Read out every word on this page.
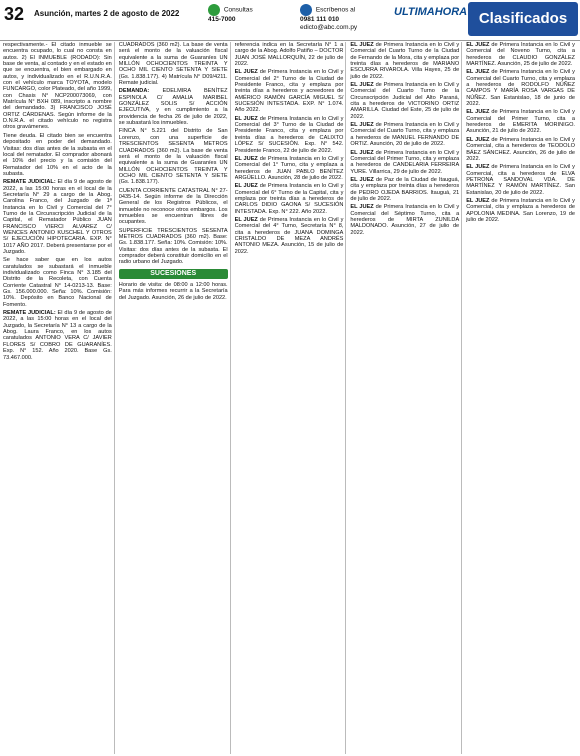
32 Asunción, martes 2 de agosto de 2022	Consultas
415-7000
Escríbenos al
0981 111 010
edicto@abc.com.py
ULTIMAHORA Clasificados

respectivamente.- El citado inmueble se encuentra ocupado, lo cual no consta en autos. 2) El INMUEBLE (RODADO): Sin base de venta, al contado y en el estado en que se encuentra, el bien embargado en autos, y individualizado en el R.U.N.R.A. con el vehículo marca TOYOTA, modelo FUNCARGO, color Plateado, del año 1999, con Chasis N° NCP200073069, con Matrícula N° BXH 089, inscripto a nombre del demandado. 3) FRANCISCO JOSÉ ORTIZ CÁRDENAS. Según informe de la D.N.R.A. el citado vehículo no registra otros gravámenes.

Tiene deuda. El citado bien se encuentra depositado en poder del demandado. Visitas: dos días antes de la subasta en el local del rematador. El comprador abonará el 10% del precio y la comisión del Rematador del 10% en el acto de la subasta.

REMATE JUDICIAL: El día 9 de agosto de 2022, a las 15:00 horas en el local de la Secretaría N° 29 a cargo de la Abog. Carolina Franco, del Juzgado de 1ª Instancia en lo Civil y Comercial del 7° Turno de la Circunscripción Judicial de la Capital, el Rematador Público JUAN FRANCISCO VIERCI ALVAREZ C/ WENCES ANTONIO KUSCHEL Y OTROS S/ EJECUCIÓN HIPOTECARIA. EXP. N° 1017 AÑO 2017. Deberá presentarse por el Juzgado.

Se hace saber que en los autos caratulados se subastará el inmueble individualizado como Finca N° 3.185 del Distrito de la Recoleta, con Cuenta Corriente Catastral N° 14-0213-13. Base: Gs. 156.000.000. Seña: 10%. Comisión: 10%. Depósito en Banco Nacional de Fomento.

REMATE JUDICIAL: El día 9 de agosto de 2022, a las 15:00 horas en el local del Juzgado, la Secretaría N° 13 a cargo de la Abog. Laura Franco, en los autos caratulados ANTONIO VERA C/ JAVIER FLORES S/ COBRO DE GUARANÍES. Exp. N° 152. Año 2020. Base Gs. 73.467.000.

CUADRADOS (360 m2). La base de venta será el monto de la valuación fiscal equivalente a la suma de Guaraníes UN MILLÓN OCHOCIENTOS TREINTA Y OCHO MIL CIENTO SETENTA Y SIETE (Gs. 1.838.177). 4) Matrícula N° D09/4211. Remate judicial.

DEMANDA: EDELMIRA BENÍTEZ ESPINOLA C/ AMALIA MARIBEL GONZÁLEZ SOLIS S/ ACCIÓN EJECUTIVA, y en cumplimiento a la providencia de fecha 26 de julio de 2022, se subastará los inmuebles.

FINCA N° 5.221 del Distrito de San Lorenzo, con una superficie de TRESCIENTOS SESENTA METROS CUADRADOS (360 m2). La base de venta será el monto de la valuación fiscal equivalente a la suma de Guaraníes UN MILLÓN OCHOCIENTOS TREINTA Y OCHO MIL CIENTO SETENTA Y SIETE (Gs. 1.838.177).

CUENTA CORRIENTE CATASTRAL N° 27-0435-14. Según informe de la Dirección General de los Registros Públicos, el inmueble no reconoce otros embargos. Los inmuebles se encuentran libres de ocupantes.

SUPERFICIE TRESCIENTOS SESENTA METROS CUADRADOS (360 m2). Base: Gs. 1.838.177. Seña: 10%. Comisión: 10%. Visitas: dos días antes de la subasta. El comprador deberá constituir domicilio en el radio urbano del Juzgado.

SUCESIONES

Horario de visita: de 08:00 a 12:00 horas. Para más informes recurrir a la Secretaría del Juzgado. Asunción, 26 de julio de 2022.

referencia indica en la Secretaría N° 1 a cargo de la Abog. Adolfo Patiño – DOCTOR JUAN JOSÉ MALLORQUÍN, 22 de julio de 2022.

EL JUEZ de Primera Instancia en lo Civil y Comercial del 2° Turno de la Ciudad de Presidente Franco, cita y emplaza por treinta días a herederos y acreedores de AMÉRICO RAMÓN GARCÍA MIGUEL S/ SUCESIÓN INTESTADA. EXP. N° 1.074. Año 2022.

EL JUEZ de Primera Instancia en lo Civil y Comercial del 3° Turno de la Ciudad de Presidente Franco, cita y emplaza por treinta días a herederos de CALIXTO LÓPEZ S/ SUCESIÓN. Exp. N° 542. Presidente Franco, 22 de julio de 2022.

EL JUEZ de Primera Instancia en lo Civil y Comercial del 1° Turno, cita y emplaza a herederos de JUAN PABLO BENÍTEZ ARGÜELLO. Asunción, 28 de julio de 2022.

EL JUEZ de Primera Instancia en lo Civil y Comercial del 6° Turno de la Capital, cita y emplaza por treinta días a herederos de CARLOS DIDIO GAONA S/ SUCESIÓN INTESTADA. Exp. N° 222. Año 2022.

EL JUEZ de Primera Instancia en lo Civil y Comercial del 4° Turno, Secretaría N° 8, cita a herederos de JUANA DOMINGA CRISTALDO DE MEZA ANDRÉS ANTONIO MEZA. Asunción, 15 de julio de 2022.

EL JUEZ de Primera Instancia en lo Civil y Comercial del Cuarto Turno de la Ciudad de Fernando de la Mora, cita y emplaza por treinta días a herederos de MARIANO ESCURRA RIVAROLA. Villa Hayes, 25 de julio de 2022.

EL JUEZ de Primera Instancia en lo Civil y Comercial del Cuarto Turno de la Circunscripción Judicial del Alto Paraná, cita a herederos de VICTORINO ORTIZ AMARILLA. Ciudad del Este, 25 de julio de 2022.

EL JUEZ de Primera Instancia en lo Civil y Comercial del Cuarto Turno, cita y emplaza a herederos de MANUEL FERNANDO DE ORTIZ. Asunción, 20 de julio de 2022.

EL JUEZ de Primera Instancia en lo Civil y Comercial del Primer Turno, cita y emplaza a herederos de CANDELARIA FERREIRA YURE. Villarrica, 29 de julio de 2022.

EL JUEZ de Paz de la Ciudad de Itauguá, cita y emplaza por treinta días a herederos de PEDRO OJEDA BARRIOS. Itauguá, 21 de julio de 2022.

EL JUEZ de Primera Instancia en lo Civil y Comercial del Séptimo Turno, cita a herederos de MIRTA ZUNILDA MALDONADO. Asunción, 27 de julio de 2022.

EL JUEZ de Primera Instancia en lo Civil y Comercial del Noveno Turno, cita a herederos de CLAUDIO GONZÁLEZ MARTÍNEZ. Asunción, 25 de julio de 2022.

EL JUEZ de Primera Instancia en lo Civil y Comercial del Cuarto Turno, cita y emplaza a herederos de RODOLFO NÚÑEZ CAMPOS Y MARÍA ROSA VARGAS DE NÚÑEZ. San Estanislao, 18 de junio de 2022.

EL JUEZ de Primera Instancia en lo Civil y Comercial del Primer Turno, cita a herederos de EMERITA MORINIGO. Asunción, 21 de julio de 2022.

EL JUEZ de Primera Instancia en lo Civil y Comercial, cita a herederos de TEODOLO BÁEZ SÁNCHEZ. Asunción, 26 de julio de 2022.

EL JUEZ de Primera Instancia en lo Civil y Comercial, cita a herederos de ELVA PETRONA SANDOVAL VDA. DE MARTÍNEZ Y RAMÓN MARTÍNEZ. San Estanislao, 20 de julio de 2022.

EL JUEZ de Primera Instancia en lo Civil y Comercial, cita y emplaza a herederos de APOLONIA MEDINA. San Lorenzo, 19 de julio de 2022.
